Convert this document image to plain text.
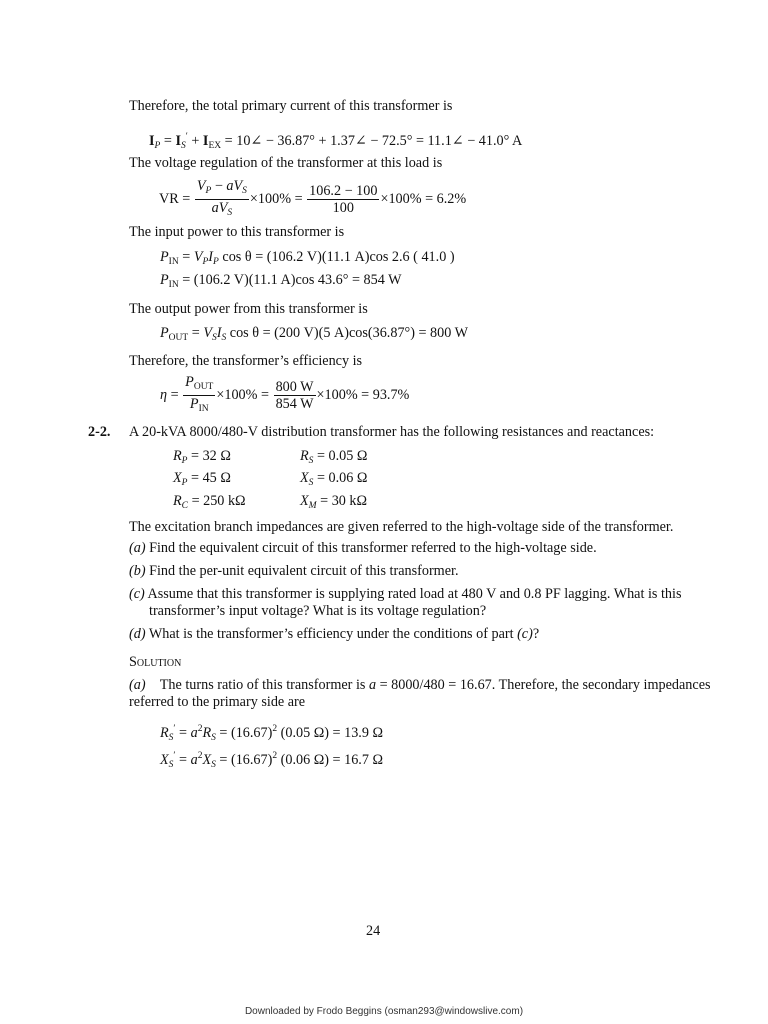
Therefore, the total primary current of this transformer is
$I_P = I_S' + I_{EX}$ = 10∠ − 36.87° + 1.37∠ − 72.5° = 11.1∠ − 41.0° A
The voltage regulation of the transformer at this load is
VR = $\frac{V_P - aV_S}{aV_S} \times 100\% = \frac{106.2 - 100}{100} \times 100\% = 6.2\%$
The input power to this transformer is
$P_{IN} = V_PI_P$ cos θ = (106.2 V)(11.1 A)cos 2.6 ( 41.0 )
$P_{IN} = (106.2$ V)(11.1 A)cos 43.6° = 854 W
The output power from this transformer is
$P_{OUT} = V_SI_S$ cos θ = (200 V)(5 A)cos(36.87°) = 800 W
Therefore, the transformer’s efficiency is
$\eta = \frac{P_{OUT}}{P_{IN}} \times 100\% = \frac{800 W}{854 W} \times 100\% = 93.7\%$
2-2. A 20-kVA 8000/480-V distribution transformer has the following resistances and reactances:
$R_P = 32$ Ω	$R_S = 0.05$ Ω
$X_P = 45$ Ω	$X_S = 0.06$ Ω
$R_C = 250$ kΩ	$X_M = 30$ kΩ
The excitation branch impedances are given referred to the high-voltage side of the transformer.
(a) Find the equivalent circuit of this transformer referred to the high-voltage side.
(b) Find the per-unit equivalent circuit of this transformer.
(c) Assume that this transformer is supplying rated load at 480 V and 0.8 PF lagging. What is this
transformer’s input voltage? What is its voltage regulation?
(d) What is the transformer’s efficiency under the conditions of part (c)?
Solution
(a) The turns ratio of this transformer is a = 8000/480 = 16.67. Therefore, the secondary impedances
referred to the primary side are
$R_S' = a^2R_S = (16.67)^2$ (0.05 Ω) = 13.9 Ω
$X_S' = a^2X_S = (16.67)^2$ (0.06 Ω) = 16.7 Ω
24
Downloaded by Frodo Beggins (osman293@windowslive.com)
